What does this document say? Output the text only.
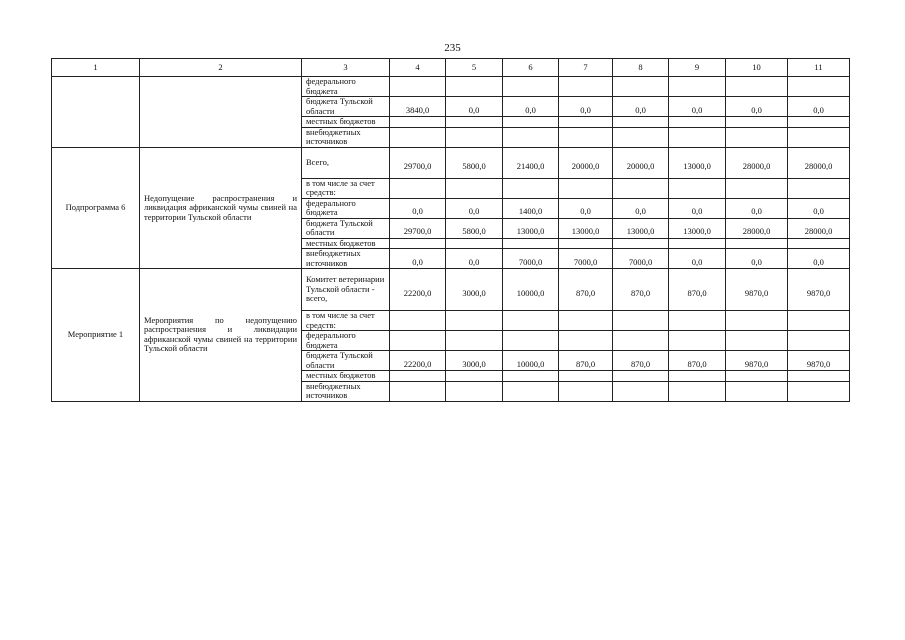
235
1	2	3	4	5	6	7	8	9	10	11
		федерального бюджета								
		бюджета Тульской области	3840,0	0,0	0,0	0,0	0,0	0,0	0,0	0,0
		местных бюджетов								
		внебюджетных источников								
Подпрограмма 6	Недопущение распространения и ликвидация африканской чумы свиней на территории Тульской области	Всего,	29700,0	5800,0	21400,0	20000,0	20000,0	13000,0	28000,0	28000,0
		в том числе за счет средств:								
		федерального бюджета	0,0	0,0	1400,0	0,0	0,0	0,0	0,0	0,0
		бюджета Тульской области	29700,0	5800,0	13000,0	13000,0	13000,0	13000,0	28000,0	28000,0
		местных бюджетов								
		внебюджетных источников	0,0	0,0	7000,0	7000,0	7000,0	0,0	0,0	0,0
Мероприятие 1	Мероприятия по недопущению распространения и ликвидации африканской чумы свиней на территории Тульской области	Комитет ветеринарии Тульской области - всего,	22200,0	3000,0	10000,0	870,0	870,0	870,0	9870,0	9870,0
		в том числе за счет средств:								
		федерального бюджета								
		бюджета Тульской области	22200,0	3000,0	10000,0	870,0	870,0	870,0	9870,0	9870,0
		местных бюджетов								
		внебюджетных источников								
